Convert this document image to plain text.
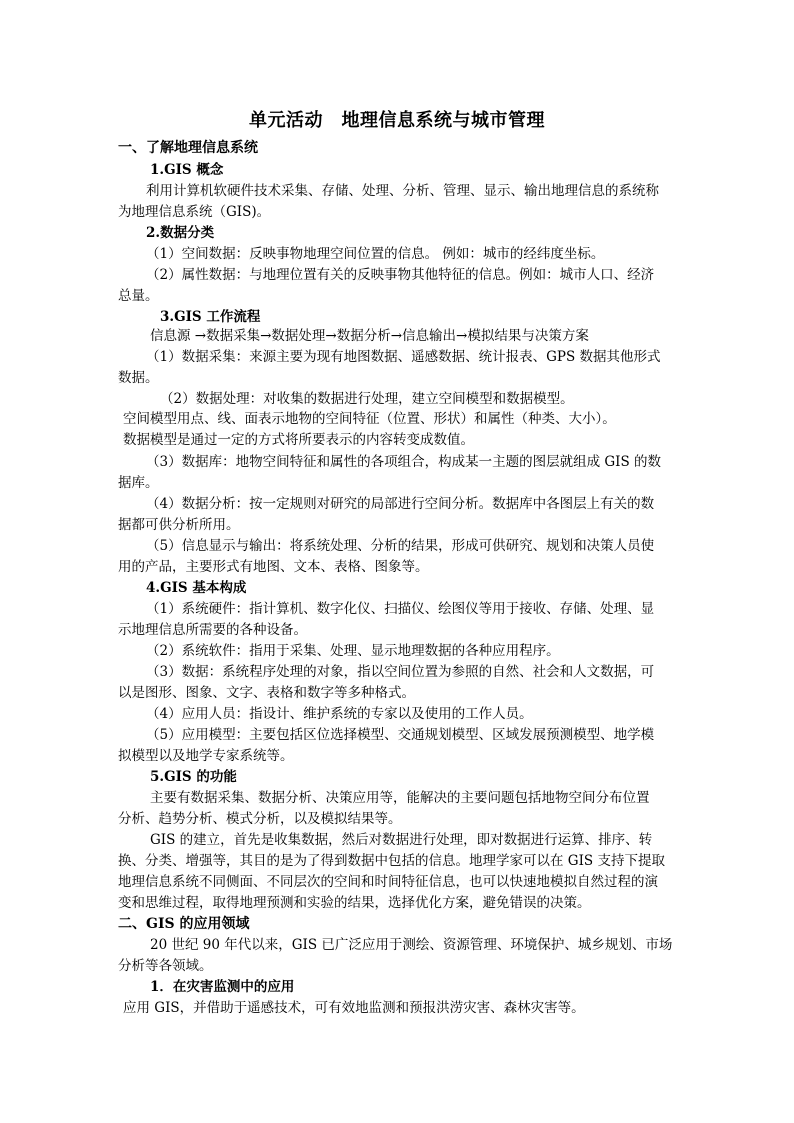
单元活动　地理信息系统与城市管理
一、了解地理信息系统
1.GIS 概念
利用计算机软硬件技术采集、存储、处理、分析、管理、显示、输出地理信息的系统称
为地理信息系统（GIS)。
2.数据分类
（1）空间数据：反映事物地理空间位置的信息。 例如：城市的经纬度坐标。
（2）属性数据：与地理位置有关的反映事物其他特征的信息。例如：城市人口、经济
总量。
3.GIS 工作流程
信息源 →数据采集→数据处理→数据分析→信息输出→模拟结果与决策方案
（1）数据采集：来源主要为现有地图数据、遥感数据、统计报表、GPS 数据其他形式
数据。
（2）数据处理：对收集的数据进行处理，建立空间模型和数据模型。
空间模型用点、线、面表示地物的空间特征（位置、形状）和属性（种类、大小）。
数据模型是通过一定的方式将所要表示的内容转变成数值。
（3）数据库：地物空间特征和属性的各项组合，构成某一主题的图层就组成 GIS 的数
据库。
（4）数据分析：按一定规则对研究的局部进行空间分析。数据库中各图层上有关的数
据都可供分析所用。
（5）信息显示与输出：将系统处理、分析的结果，形成可供研究、规划和决策人员使
用的产品，主要形式有地图、文本、表格、图象等。
4.GIS 基本构成
（1）系统硬件：指计算机、数字化仪、扫描仪、绘图仪等用于接收、存储、处理、显
示地理信息所需要的各种设备。
（2）系统软件：指用于采集、处理、显示地理数据的各种应用程序。
（3）数据：系统程序处理的对象，指以空间位置为参照的自然、社会和人文数据，可
以是图形、图象、文字、表格和数字等多种格式。
（4）应用人员：指设计、维护系统的专家以及使用的工作人员。
（5）应用模型：主要包括区位选择模型、交通规划模型、区域发展预测模型、地学模
拟模型以及地学专家系统等。
5.GIS 的功能
主要有数据采集、数据分析、决策应用等，能解决的主要问题包括地物空间分布位置
分析、趋势分析、模式分析，以及模拟结果等。
GIS 的建立，首先是收集数据，然后对数据进行处理，即对数据进行运算、排序、转
换、分类、增强等，其目的是为了得到数据中包括的信息。地理学家可以在 GIS 支持下提取
地理信息系统不同侧面、不同层次的空间和时间特征信息，也可以快速地模拟自然过程的演
变和思维过程，取得地理预测和实验的结果，选择优化方案，避免错误的决策。
二、GIS 的应用领域
20 世纪 90 年代以来，GIS 已广泛应用于测绘、资源管理、环境保护、城乡规划、市场
分析等各领域。
1．在灾害监测中的应用
应用 GIS，并借助于遥感技术，可有效地监测和预报洪涝灾害、森林灾害等。
